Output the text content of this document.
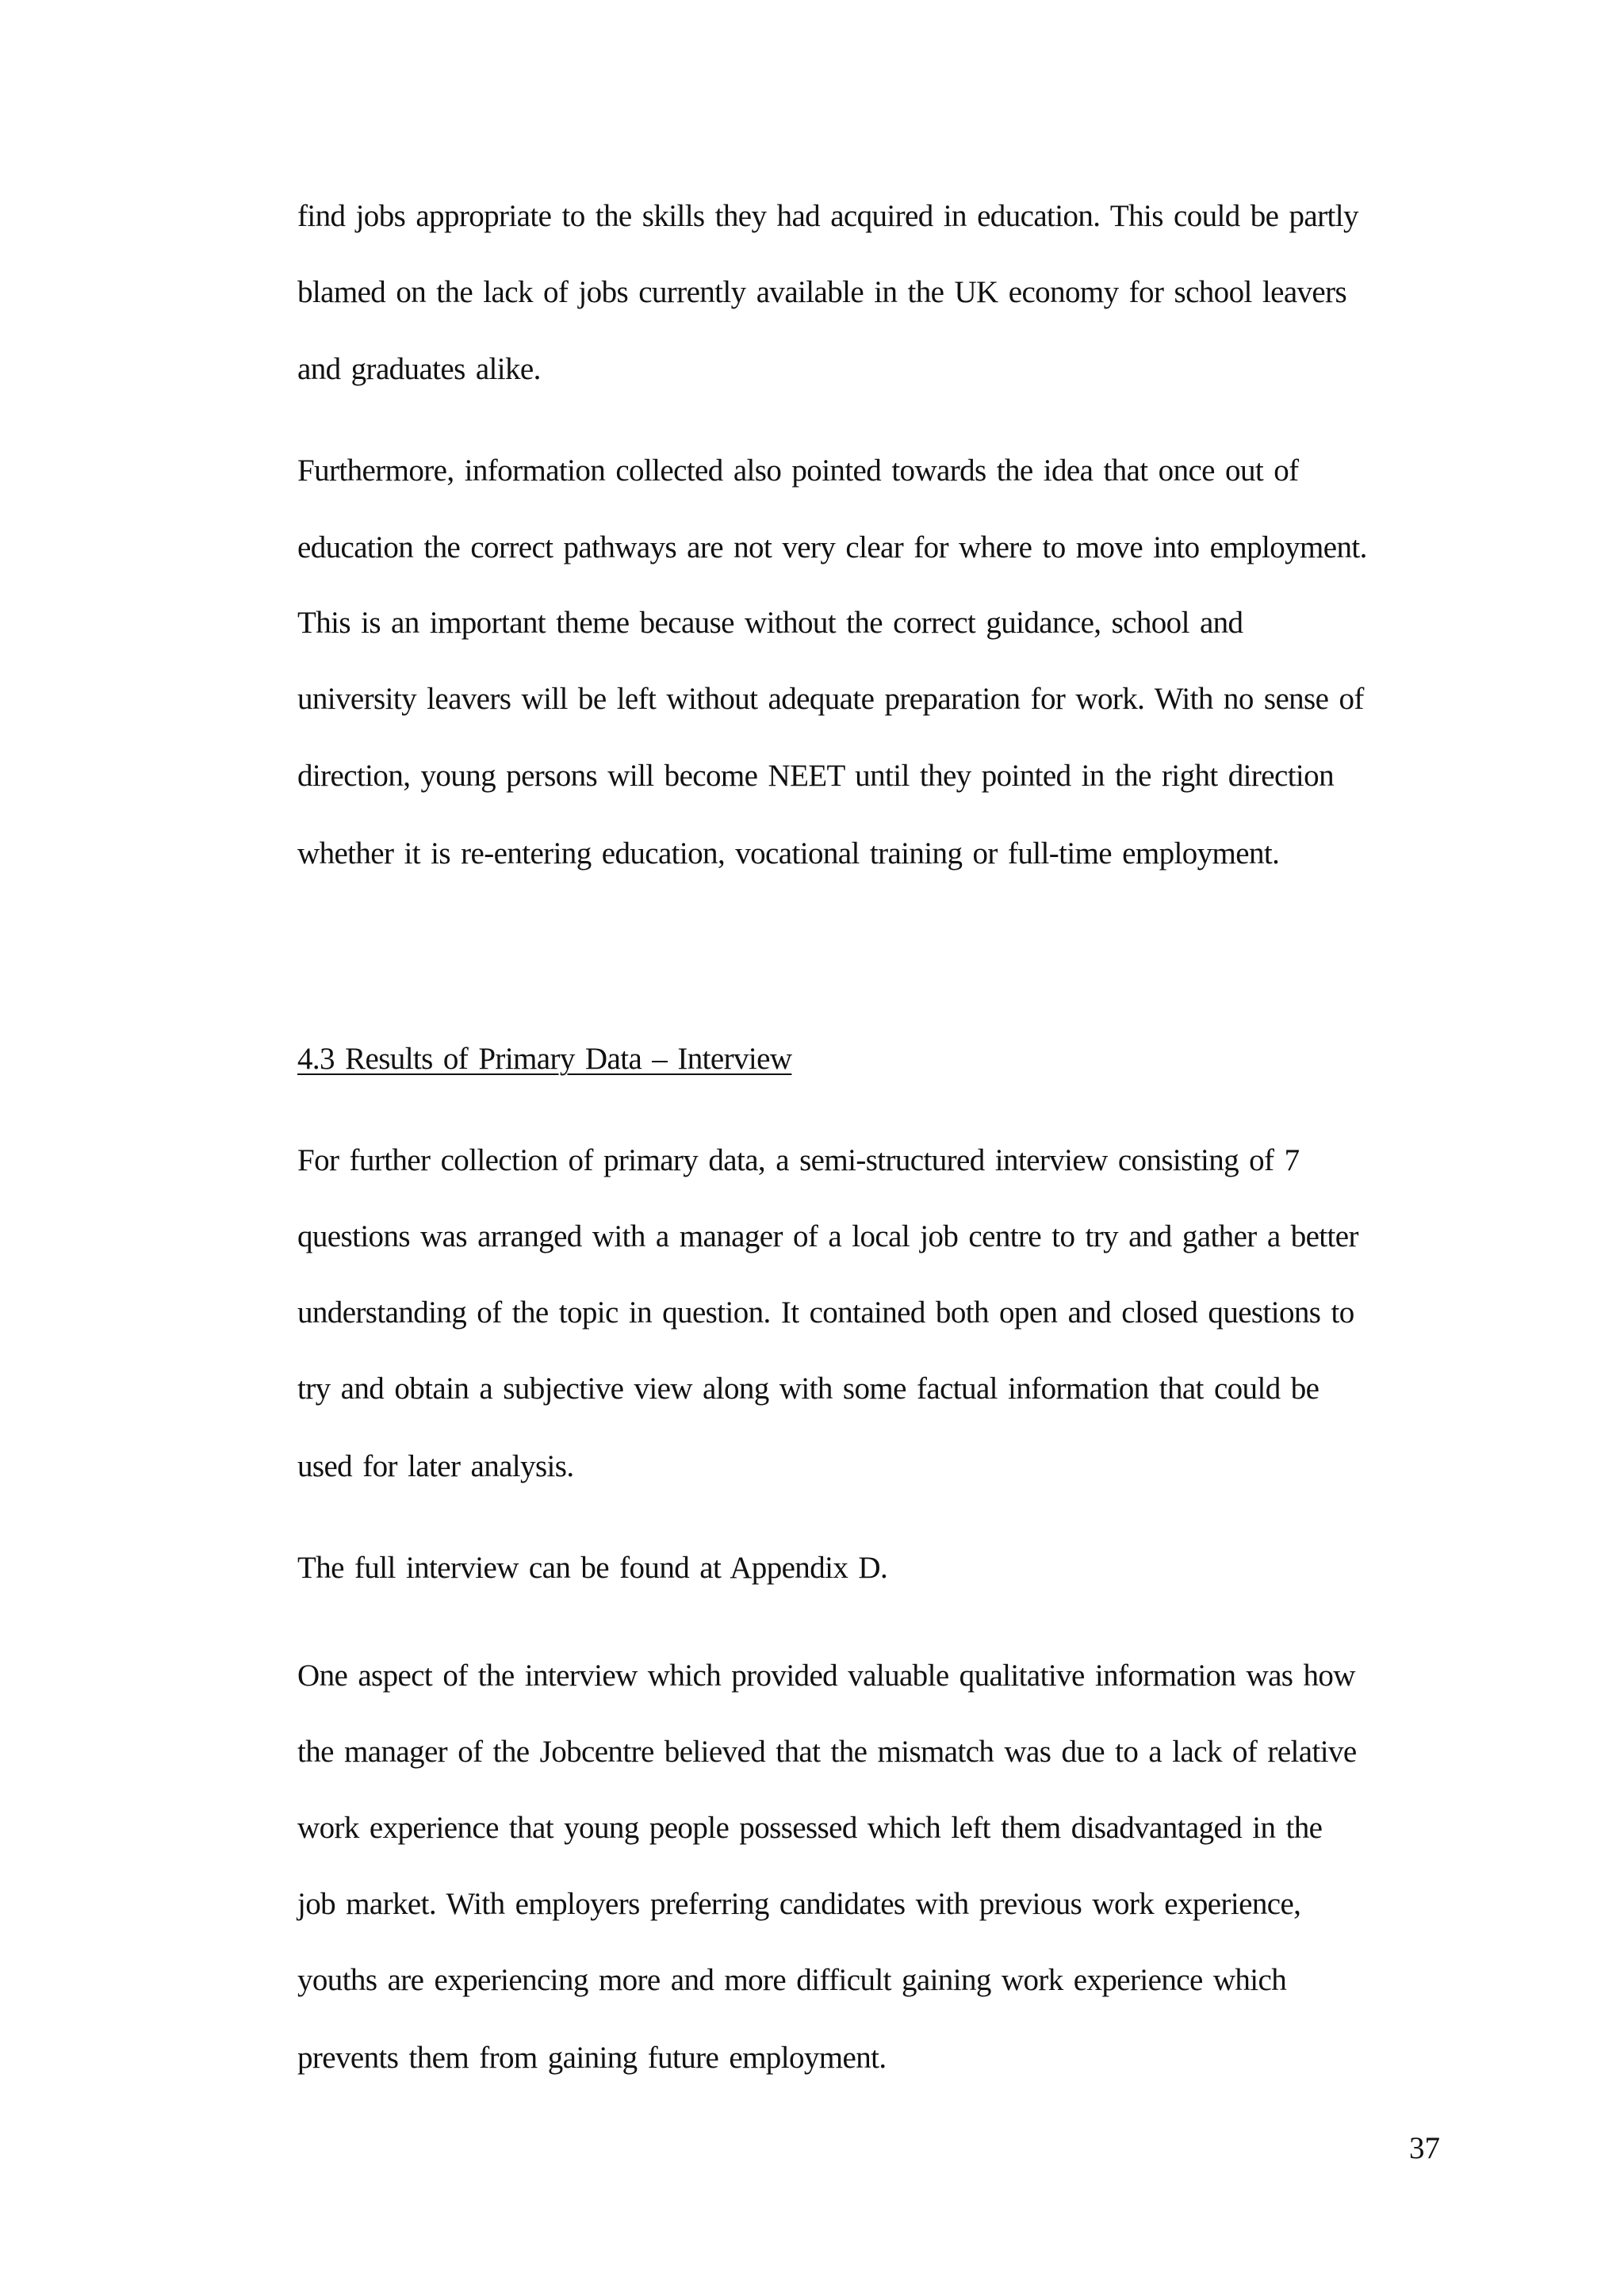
find jobs appropriate to the skills they had acquired in education. This could be partly
blamed on the lack of jobs currently available in the UK economy for school leavers
and graduates alike.
Furthermore, information collected also pointed towards the idea that once out of
education the correct pathways are not very clear for where to move into employment.
This is an important theme because without the correct guidance, school and
university leavers will be left without adequate preparation for work. With no sense of
direction, young persons will become NEET until they pointed in the right direction
whether it is re-entering education, vocational training or full-time employment.
4.3 Results of Primary Data – Interview
For further collection of primary data, a semi-structured interview consisting of 7
questions was arranged with a manager of a local job centre to try and gather a better
understanding of the topic in question. It contained both open and closed questions to
try and obtain a subjective view along with some factual information that could be
used for later analysis.
The full interview can be found at Appendix D.
One aspect of the interview which provided valuable qualitative information was how
the manager of the Jobcentre believed that the mismatch was due to a lack of relative
work experience that young people possessed which left them disadvantaged in the
job market. With employers preferring candidates with previous work experience,
youths are experiencing more and more difficult gaining work experience which
prevents them from gaining future employment.
37
